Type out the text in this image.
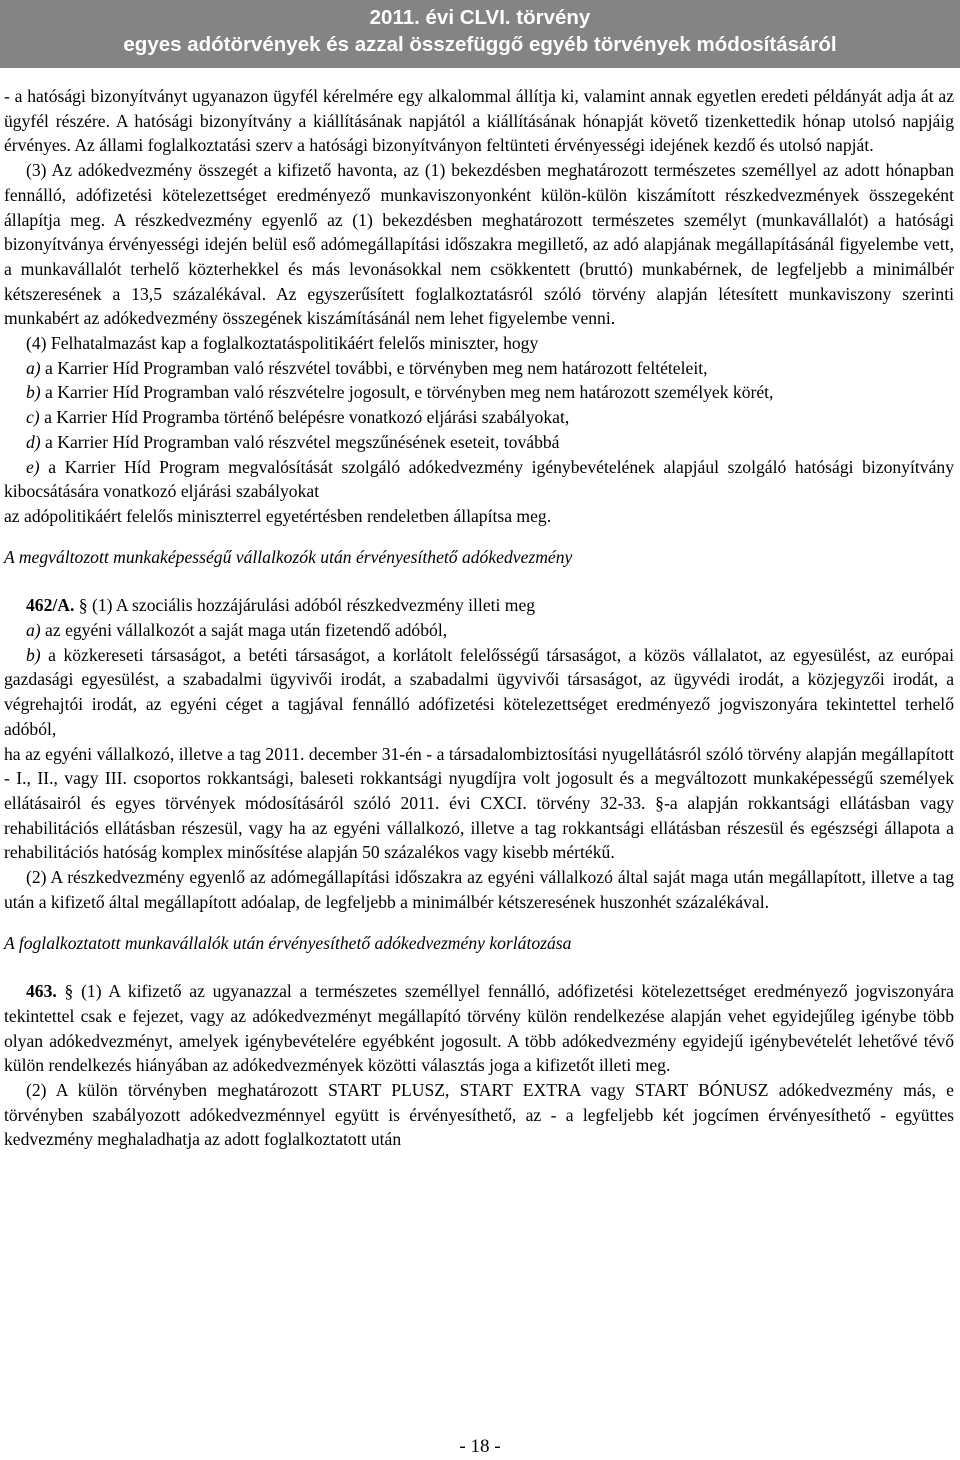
2011. évi CLVI. törvény
egyes adótörvények és azzal összefüggő egyéb törvények módosításáról

- a hatósági bizonyítványt ugyanazon ügyfél kérelmére egy alkalommal állítja ki, valamint annak egyetlen eredeti példányát adja át az ügyfél részére. A hatósági bizonyítvány a kiállításának napjától a kiállításának hónapját követő tizenkettedik hónap utolsó napjáig érvényes. Az állami foglalkoztatási szerv a hatósági bizonyítványon feltünteti érvényességi idejének kezdő és utolsó napját.

(3) Az adókedvezmény összegét a kifizető havonta, az (1) bekezdésben meghatározott természetes személlyel az adott hónapban fennálló, adófizetési kötelezettséget eredményező munkaviszonyonként külön-külön kiszámított részkedvezmények összegeként állapítja meg. A részkedvezmény egyenlő az (1) bekezdésben meghatározott természetes személyt (munkavállalót) a hatósági bizonyítványa érvényességi idején belül eső adómegállapítási időszakra megillető, az adó alapjának megállapításánál figyelembe vett, a munkavállalót terhelő közterhekkel és más levonásokkal nem csökkentett (bruttó) munkabérnek, de legfeljebb a minimálbér kétszeresének a 13,5 százalékával. Az egyszerűsített foglalkoztatásról szóló törvény alapján létesített munkaviszony szerinti munkabért az adókedvezmény összegének kiszámításánál nem lehet figyelembe venni.

(4) Felhatalmazást kap a foglalkoztatáspolitikáért felelős miniszter, hogy

a) a Karrier Híd Programban való részvétel további, e törvényben meg nem határozott feltételeit,

b) a Karrier Híd Programban való részvételre jogosult, e törvényben meg nem határozott személyek körét,

c) a Karrier Híd Programba történő belépésre vonatkozó eljárási szabályokat,

d) a Karrier Híd Programban való részvétel megszűnésének eseteit, továbbá

e) a Karrier Híd Program megvalósítását szolgáló adókedvezmény igénybevételének alapjául szolgáló hatósági bizonyítvány kibocsátására vonatkozó eljárási szabályokat

az adópolitikáért felelős miniszterrel egyetértésben rendeletben állapítsa meg.

A megváltozott munkaképességű vállalkozók után érvényesíthető adókedvezmény

462/A. § (1) A szociális hozzájárulási adóból részkedvezmény illeti meg

a) az egyéni vállalkozót a saját maga után fizetendő adóból,

b) a közkereseti társaságot, a betéti társaságot, a korlátolt felelősségű társaságot, a közös vállalatot, az egyesülést, az európai gazdasági egyesülést, a szabadalmi ügyvivői irodát, a szabadalmi ügyvivői társaságot, az ügyvédi irodát, a közjegyzői irodát, a végrehajtói irodát, az egyéni céget a tagjával fennálló adófizetési kötelezettséget eredményező jogviszonyára tekintettel terhelő adóból,

ha az egyéni vállalkozó, illetve a tag 2011. december 31-én - a társadalombiztosítási nyugellátásról szóló törvény alapján megállapított - I., II., vagy III. csoportos rokkantsági, baleseti rokkantsági nyugdíjra volt jogosult és a megváltozott munkaképességű személyek ellátásairól és egyes törvények módosításáról szóló 2011. évi CXCI. törvény 32-33. §-a alapján rokkantsági ellátásban vagy rehabilitációs ellátásban részesül, vagy ha az egyéni vállalkozó, illetve a tag rokkantsági ellátásban részesül és egészségi állapota a rehabilitációs hatóság komplex minősítése alapján 50 százalékos vagy kisebb mértékű.

(2) A részkedvezmény egyenlő az adómegállapítási időszakra az egyéni vállalkozó által saját maga után megállapított, illetve a tag után a kifizető által megállapított adóalap, de legfeljebb a minimálbér kétszeresének huszonhét százalékával.

A foglalkoztatott munkavállalók után érvényesíthető adókedvezmény korlátozása

463. § (1) A kifizető az ugyanazzal a természetes személlyel fennálló, adófizetési kötelezettséget eredményező jogviszonyára tekintettel csak e fejezet, vagy az adókedvezményt megállapító törvény külön rendelkezése alapján vehet egyidejűleg igénybe több olyan adókedvezményt, amelyek igénybevételére egyébként jogosult. A több adókedvezmény egyidejű igénybevételét lehetővé tévő külön rendelkezés hiányában az adókedvezmények közötti választás joga a kifizetőt illeti meg.

(2) A külön törvényben meghatározott START PLUSZ, START EXTRA vagy START BÓNUSZ adókedvezmény más, e törvényben szabályozott adókedvezménnyel együtt is érvényesíthető, az - a legfeljebb két jogcímen érvényesíthető - együttes kedvezmény meghaladhatja az adott foglalkoztatott után

- 18 -
